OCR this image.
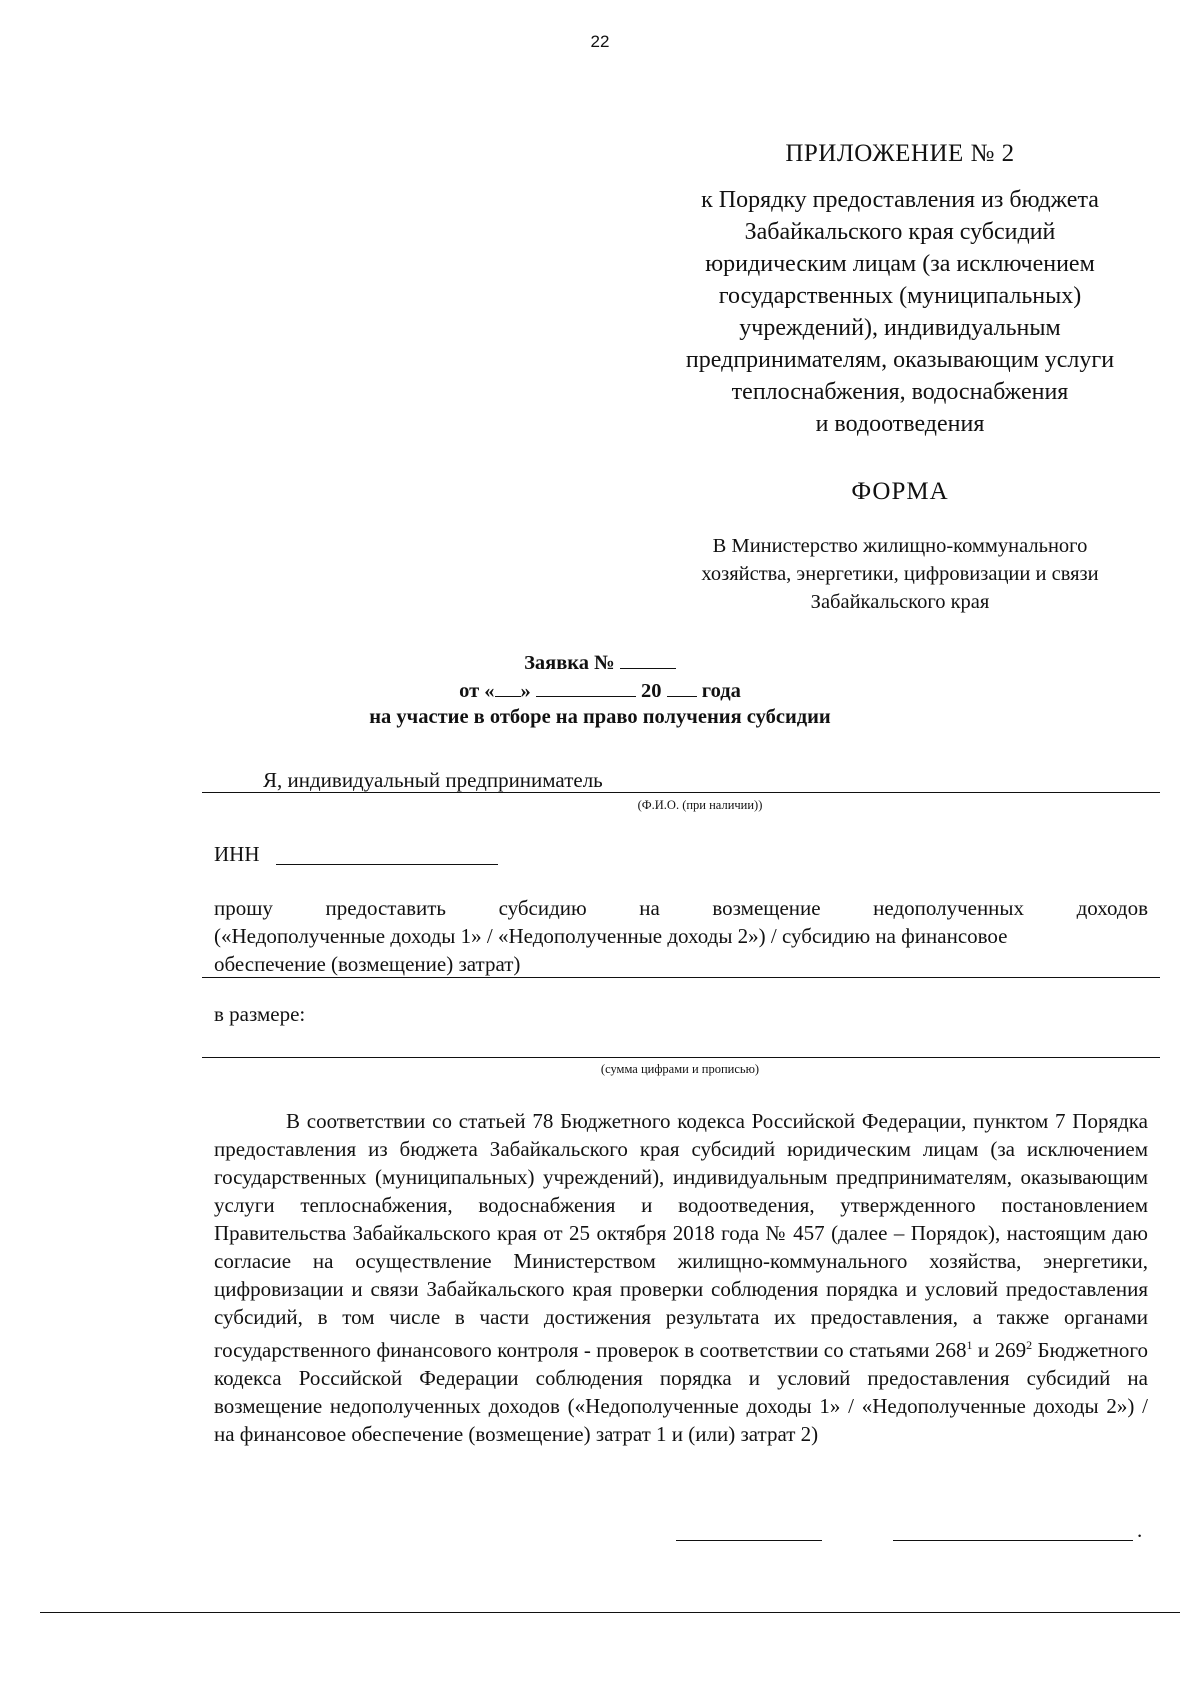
22
ПРИЛОЖЕНИЕ № 2
к Порядку предоставления из бюджета
Забайкальского края субсидий
юридическим лицам (за исключением
государственных (муниципальных)
учреждений), индивидуальным
предпринимателям, оказывающим услуги
теплоснабжения, водоснабжения
и водоотведения
ФОРМА
В Министерство жилищно-коммунального
хозяйства, энергетики, цифровизации и связи
Забайкальского края
Заявка №
от « »	20 года
на участие в отборе на право получения субсидии
Я, индивидуальный предприниматель
(Ф.И.О. (при наличии))
ИНН
прошу	предоставить	субсидию	на	возмещение	недополученных	доходов
(«Недополученные доходы 1» / «Недополученные доходы 2») / субсидию на финансовое
обеспечение (возмещение) затрат)
в размере:
(сумма цифрами и прописью)
В соответствии со статьей 78 Бюджетного кодекса Российской Федерации, пунктом 7 Порядка предоставления из бюджета Забайкальского края субсидий юридическим лицам (за исключением государственных (муниципальных) учреждений), индивидуальным предпринимателям, оказывающим услуги теплоснабжения, водоснабжения и водоотведения, утвержденного постановлением Правительства Забайкальского края от 25 октября 2018 года № 457 (далее – Порядок), настоящим даю согласие на осуществление Министерством жилищно-коммунального хозяйства, энергетики, цифровизации и связи Забайкальского края проверки соблюдения порядка и условий предоставления субсидий, в том числе в части достижения результата их предоставления, а также органами государственного финансового контроля - проверок в соответствии со статьями $268^1$ и $269^2$ Бюджетного кодекса Российской Федерации соблюдения порядка и условий предоставления субсидий на возмещение недополученных доходов («Недополученные доходы 1» / «Недополученные доходы 2») / на финансовое обеспечение (возмещение) затрат 1 и (или) затрат 2)
.
